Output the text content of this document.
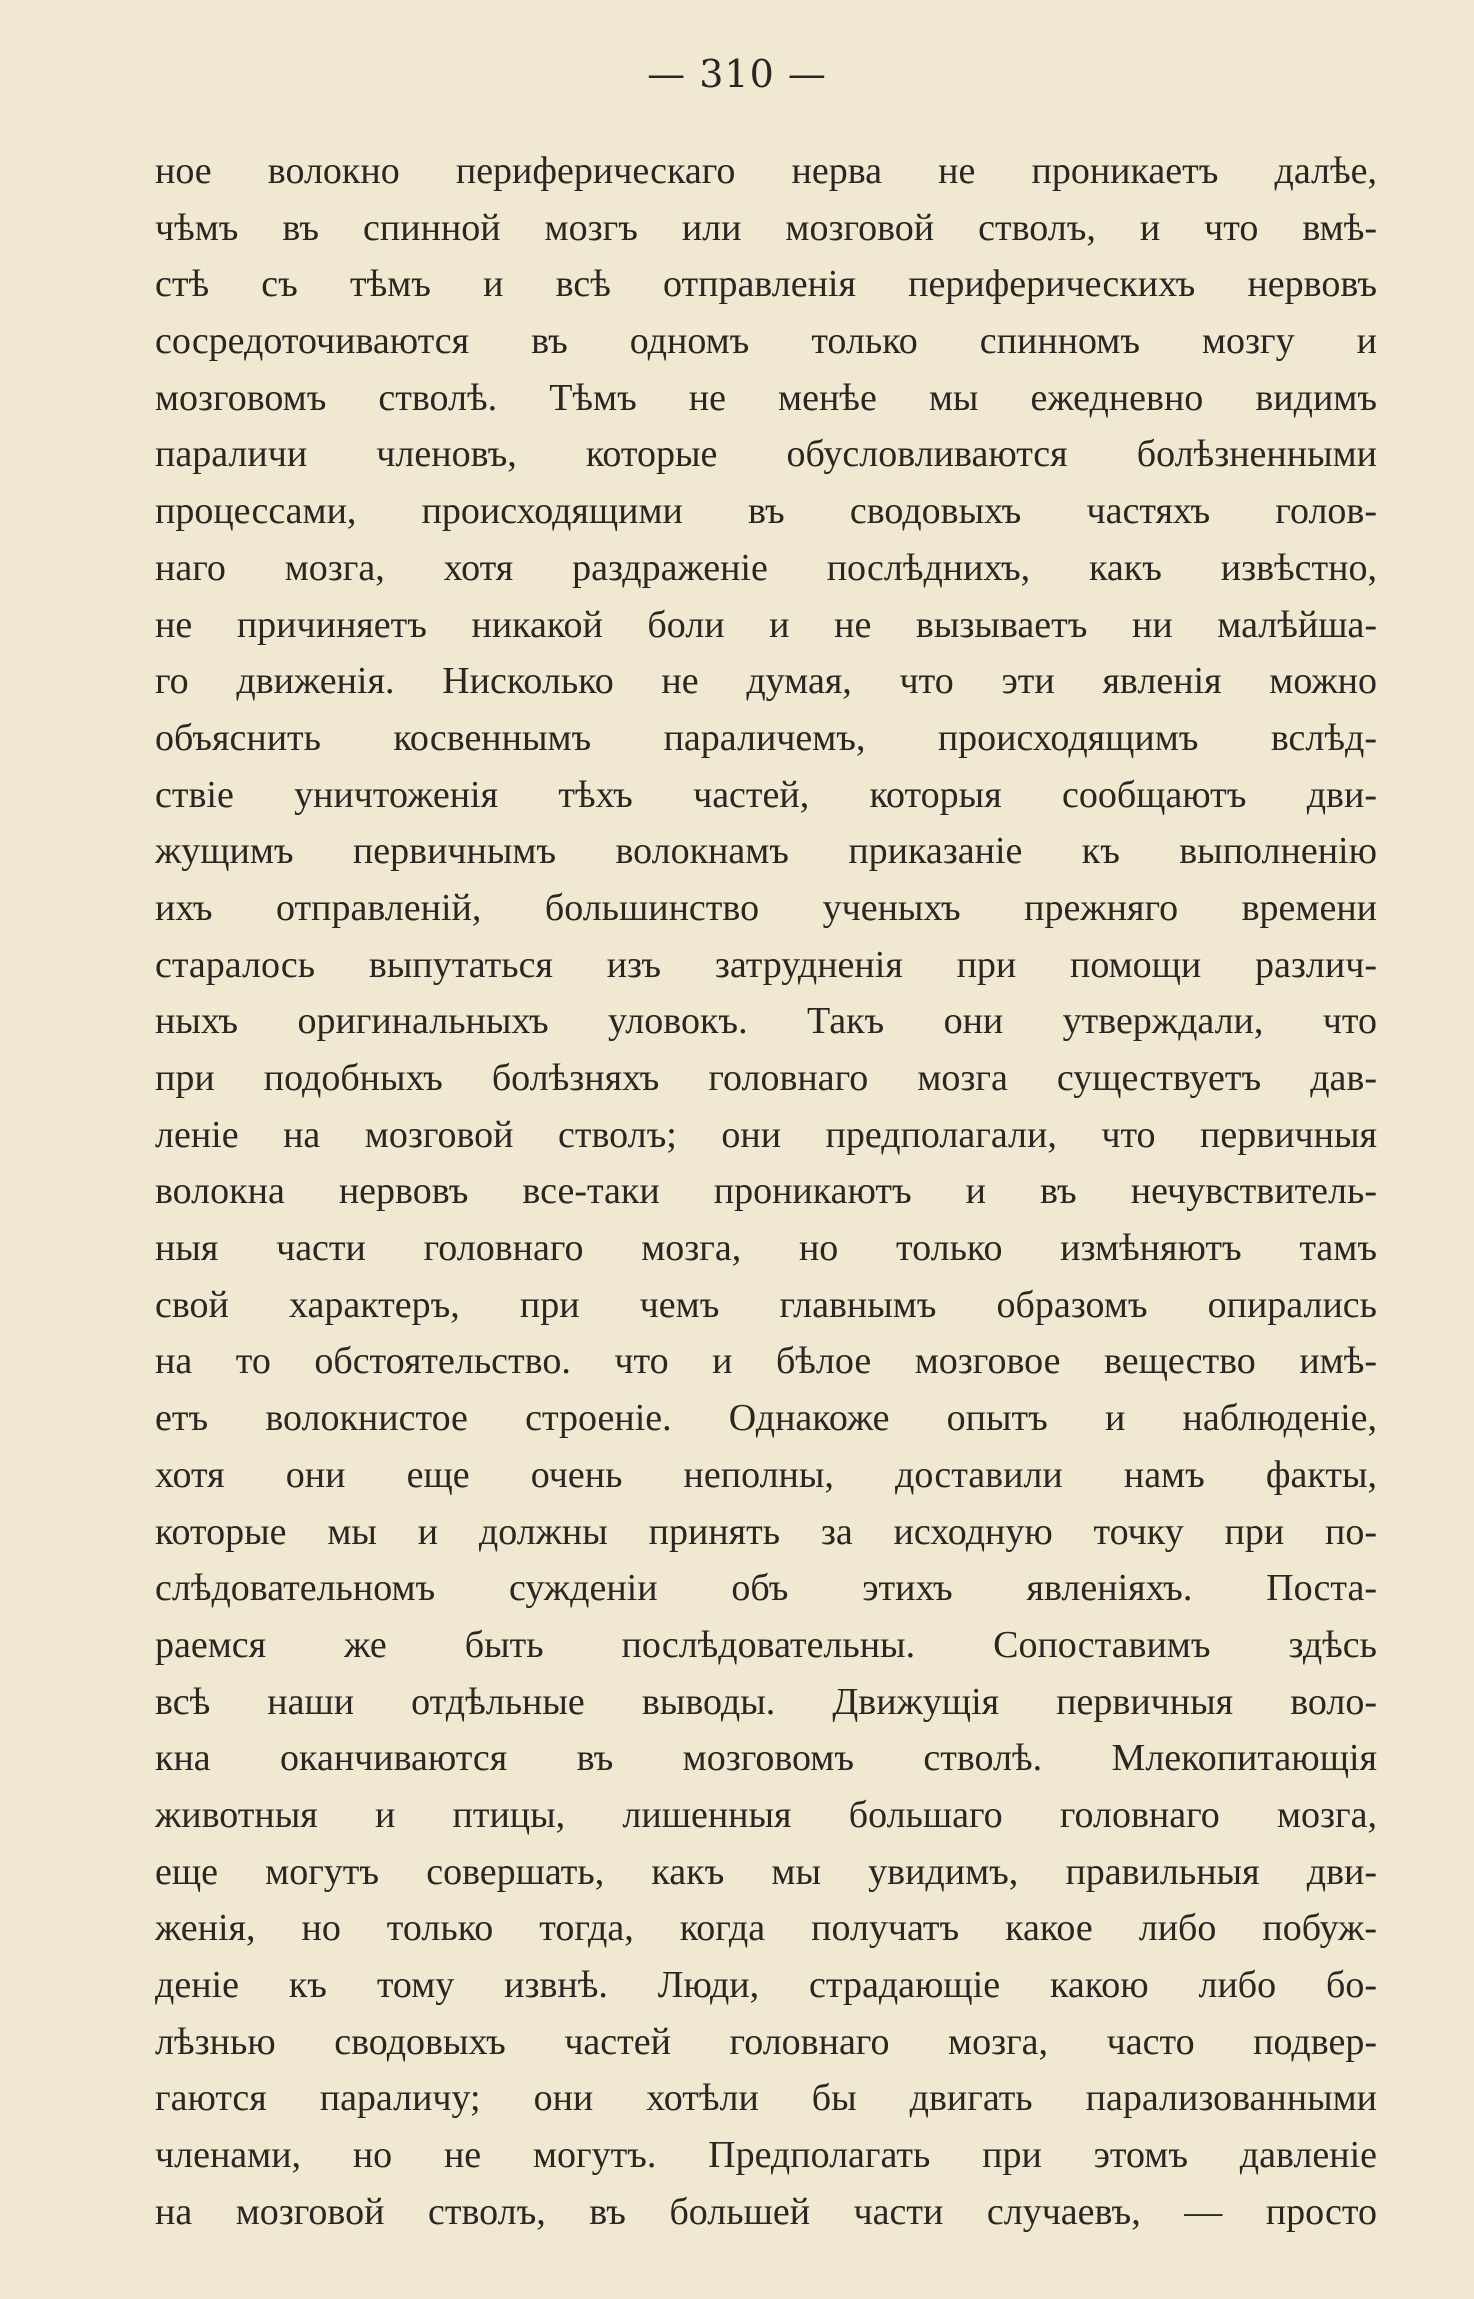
— 310 —
ное волокно периферическаго нерва не проникаетъ далѣе,
чѣмъ въ спинной мозгъ или мозговой стволъ, и что вмѣ-
стѣ съ тѣмъ и всѣ отправленія периферическихъ нервовъ
сосредоточиваются въ одномъ только спинномъ мозгу и
мозговомъ стволѣ. Тѣмъ не менѣе мы ежедневно видимъ
параличи членовъ, которые обусловливаются болѣзненными
процессами, происходящими въ сводовыхъ частяхъ голов-
наго мозга, хотя раздраженіе послѣднихъ, какъ извѣстно,
не причиняетъ никакой боли и не вызываетъ ни малѣйша-
го движенія. Нисколько не думая, что эти явленія можно
объяснить косвеннымъ параличемъ, происходящимъ вслѣд-
ствіе уничтоженія тѣхъ частей, которыя сообщаютъ дви-
жущимъ первичнымъ волокнамъ приказаніе къ выполненію
ихъ отправленій, большинство ученыхъ прежняго времени
старалось выпутаться изъ затрудненія при помощи различ-
ныхъ оригинальныхъ уловокъ. Такъ они утверждали, что
при подобныхъ болѣзняхъ головнаго мозга существуетъ дав-
леніе на мозговой стволъ; они предполагали, что первичныя
волокна нервовъ все-таки проникаютъ и въ нечувствитель-
ныя части головнаго мозга, но только измѣняютъ тамъ
свой характеръ, при чемъ главнымъ образомъ опирались
на то обстоятельство. что и бѣлое мозговое вещество имѣ-
етъ волокнистое строеніе. Однакоже опытъ и наблюденіе,
хотя они еще очень неполны, доставили намъ факты,
которые мы и должны принять за исходную точку при по-
слѣдовательномъ сужденіи объ этихъ явленіяхъ. Поста-
раемся же быть послѣдовательны. Сопоставимъ здѣсь
всѣ наши отдѣльные выводы. Движущія первичныя воло-
кна оканчиваются въ мозговомъ стволѣ. Млекопитающія
животныя и птицы, лишенныя большаго головнаго мозга,
еще могутъ совершать, какъ мы увидимъ, правильныя дви-
женія, но только тогда, когда получатъ какое либо побуж-
деніе къ тому извнѣ. Люди, страдающіе какою либо бо-
лѣзнью сводовыхъ частей головнаго мозга, часто подвер-
гаются параличу; они хотѣли бы двигать парализованными
членами, но не могутъ. Предполагать при этомъ давленіе
на мозговой стволъ, въ большей части случаевъ, — просто
